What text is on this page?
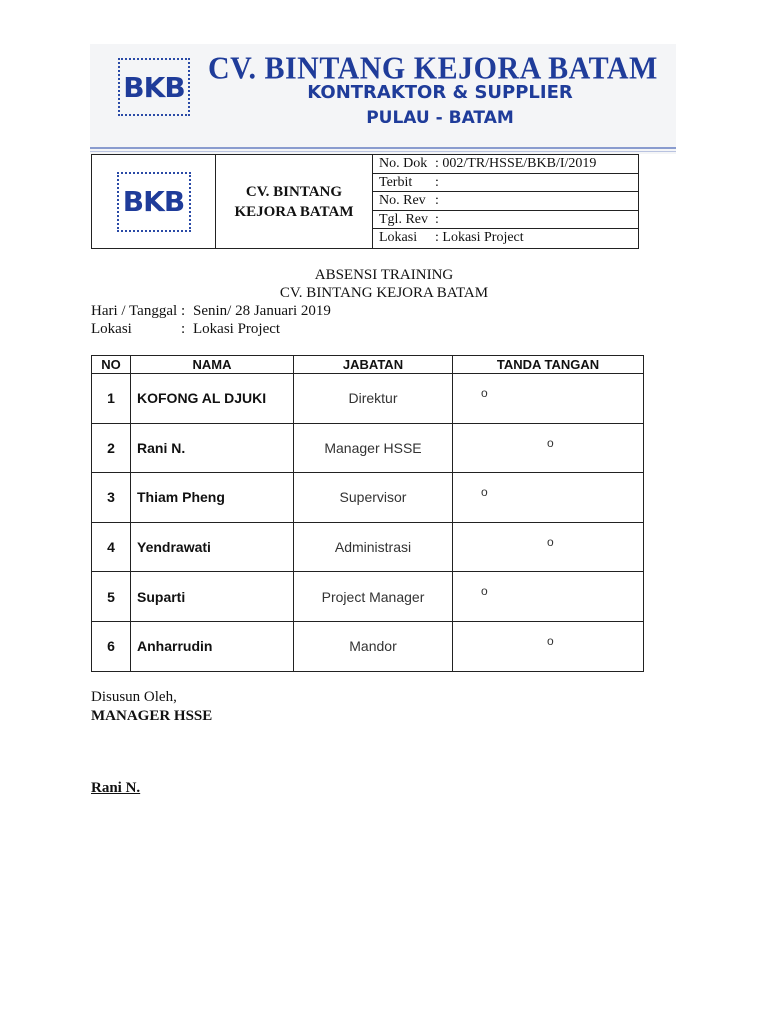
BKB
CV. BINTANG KEJORA BATAM
KONTRAKTOR & SUPPLIER
PULAU - BATAM
BKB	CV. BINTANG
KEJORA BATAM
No. Dok : 002/TR/HSSE/BKB/I/2019
Terbit	:
No. Rev :
Tgl. Rev :
Lokasi	: Lokasi Project
ABSENSI TRAINING
CV. BINTANG KEJORA BATAM
Hari / Tanggal : Senin/ 28 Januari 2019
Lokasi	: Lokasi Project
NO	NAMA	JABATAN	TANDA TANGAN
1	KOFONG AL DJUKI	Direktur	o

2	Rani N.	Manager HSSE	o

3	Thiam Pheng	Supervisor	o

4	Yendrawati	Administrasi	o

5	Suparti	Project Manager	o

6	Anharrudin	Mandor	o
Disusun Oleh,
MANAGER HSSE
Rani N.
